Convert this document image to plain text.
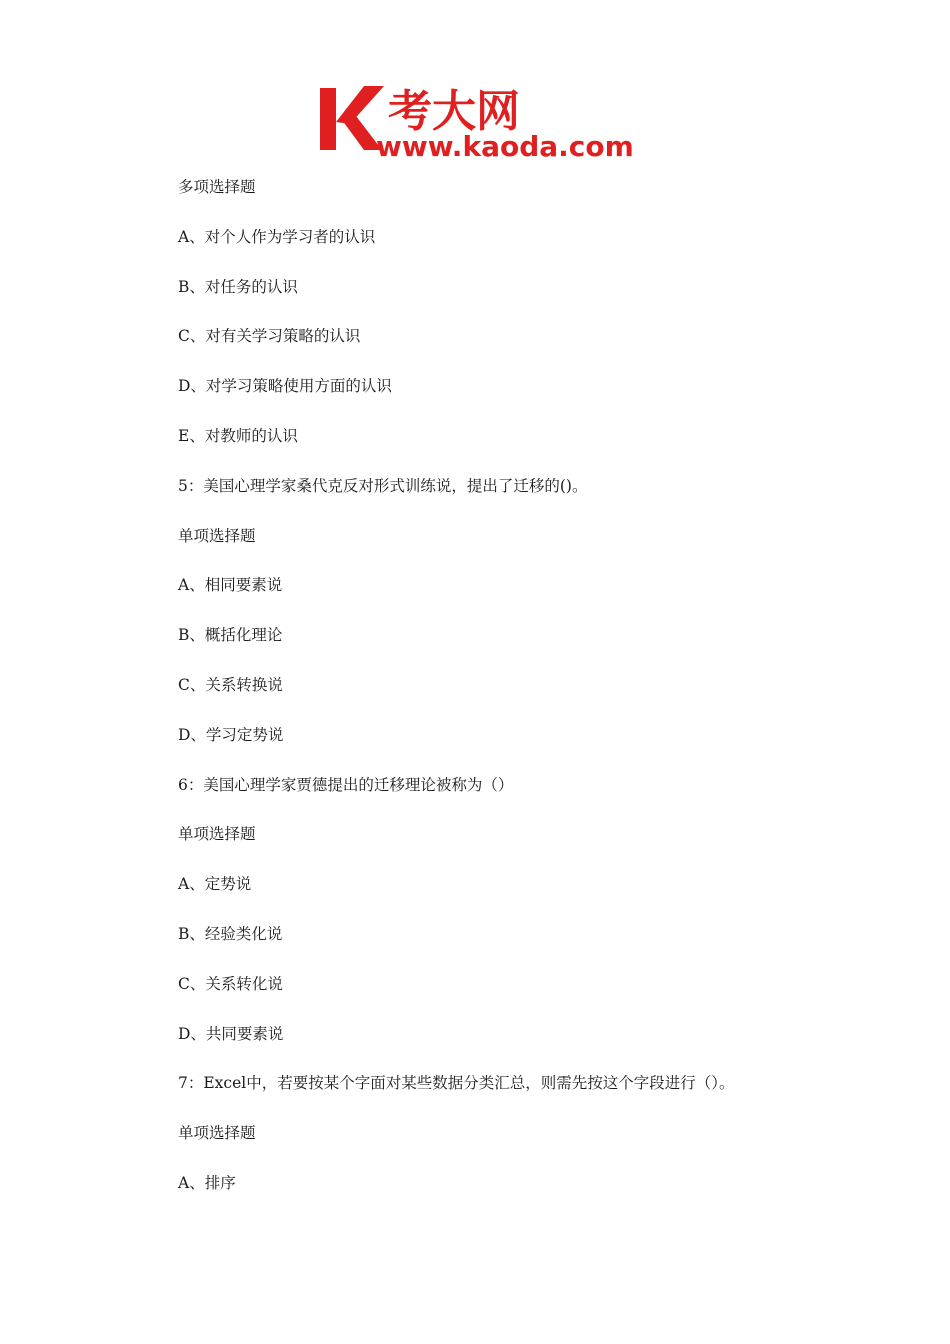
考大网
www.kaoda.com
多项选择题
A、对个人作为学习者的认识
B、对任务的认识
C、对有关学习策略的认识
D、对学习策略使用方面的认识
E、对教师的认识
5：美国心理学家桑代克反对形式训练说，提出了迁移的()。
单项选择题
A、相同要素说
B、概括化理论
C、关系转换说
D、学习定势说
6：美国心理学家贾德提出的迁移理论被称为（）
单项选择题
A、定势说
B、经验类化说
C、关系转化说
D、共同要素说
7：Excel中，若要按某个字面对某些数据分类汇总，则需先按这个字段进行（）。
单项选择题
A、排序
